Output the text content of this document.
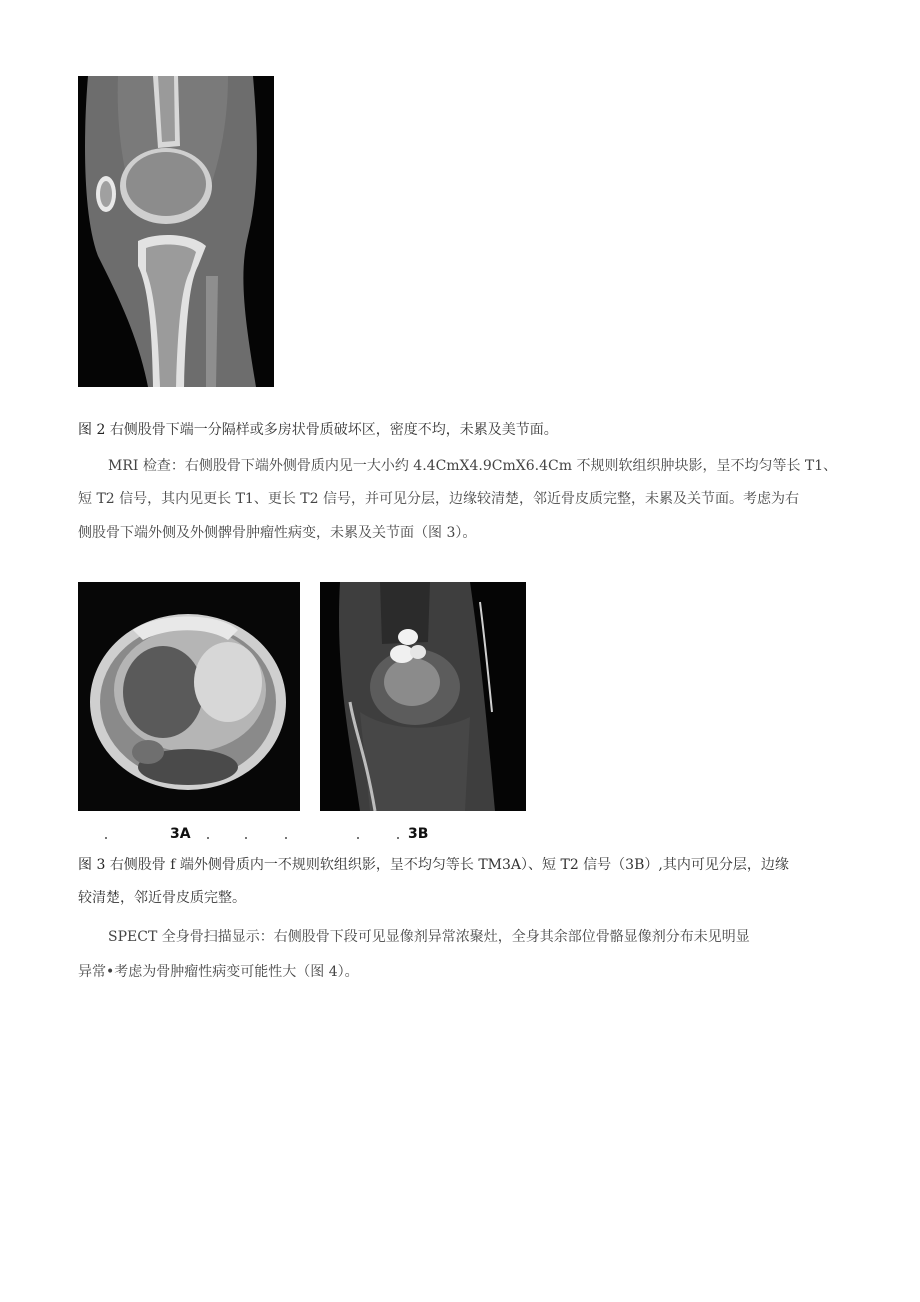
图 2 右侧股骨下端一分隔样或多房状骨质破坏区，密度不均，未累及美节面。
MRI 检查：右侧股骨下端外侧骨质内见一大小约 4.4CmX4.9CmX6.4Cm 不规则软组织肿块影，呈不均匀等长 T1、
短 T2 信号，其内见更长 T1、更长 T2 信号，并可见分层，边缘较清楚，邻近骨皮质完整，未累及关节面。考虑为右
侧股骨下端外侧及外侧髀骨肿瘤性病变，未累及关节面（图 3）。
3A	3B
图 3 右侧股骨 f 端外侧骨质内一不规则软组织影，呈不均匀等长 TM3A）、短 T2 信号（3B）,其内可见分层，边缘
较清楚，邻近骨皮质完整。
SPECT 全身骨扫描显示：右侧股骨下段可见显像剂异常浓聚灶，全身其余部位骨骼显像剂分布未见明显
异常•考虑为骨肿瘤性病变可能性大（图 4）。
